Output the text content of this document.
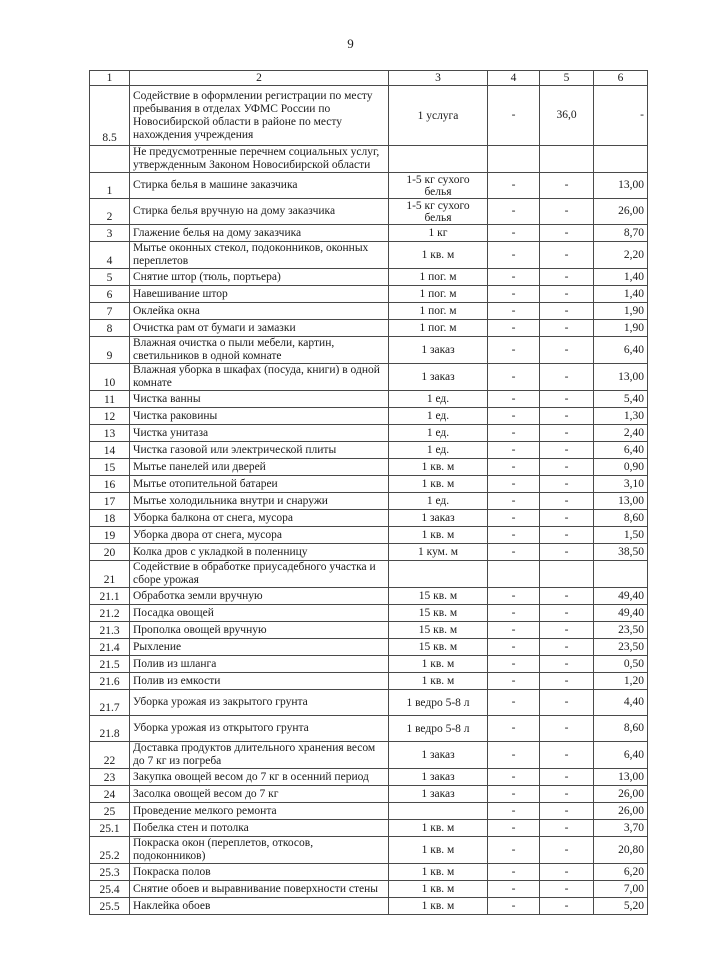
9
1	2	3	4	5	6
8.5	Содействие в оформлении регистрации по месту пребывания в отделах УФМС России по Новосибирской области в районе по месту нахождения учреждения	1 услуга	-	36,0	-
	Не предусмотренные перечнем социальных услуг, утвержденным Законом Новосибирской области				
1	Стирка белья в машине заказчика	1-5 кг сухого белья	-	-	13,00
2	Стирка белья вручную на дому заказчика	1-5 кг сухого белья	-	-	26,00
3	Глажение белья на дому заказчика	1 кг	-	-	8,70
4	Мытье оконных стекол, подоконников, оконных переплетов	1 кв. м	-	-	2,20
5	Снятие штор (тюль, портьера)	1 пог. м	-	-	1,40
6	Навешивание штор	1 пог. м	-	-	1,40
7	Оклейка окна	1 пог. м	-	-	1,90
8	Очистка рам от бумаги и замазки	1 пог. м	-	-	1,90
9	Влажная очистка о пыли мебели, картин, светильников в одной комнате	1 заказ	-	-	6,40
10	Влажная уборка в шкафах (посуда, книги) в одной комнате	1 заказ	-	-	13,00
11	Чистка ванны	1 ед.	-	-	5,40
12	Чистка раковины	1 ед.	-	-	1,30
13	Чистка унитаза	1 ед.	-	-	2,40
14	Чистка газовой или электрической плиты	1 ед.	-	-	6,40
15	Мытье панелей или дверей	1 кв. м	-	-	0,90
16	Мытье отопительной батареи	1 кв. м	-	-	3,10
17	Мытье холодильника внутри и снаружи	1 ед.	-	-	13,00
18	Уборка балкона от снега, мусора	1 заказ	-	-	8,60
19	Уборка двора от снега, мусора	1 кв. м	-	-	1,50
20	Колка дров с укладкой в поленницу	1 кум. м	-	-	38,50
21	Содействие в обработке приусадебного участка и сборе урожая				
21.1	Обработка земли вручную	15 кв. м	-	-	49,40
21.2	Посадка овощей	15 кв. м	-	-	49,40
21.3	Прополка овощей вручную	15 кв. м	-	-	23,50
21.4	Рыхление	15 кв. м	-	-	23,50
21.5	Полив из шланга	1 кв. м	-	-	0,50
21.6	Полив из емкости	1 кв. м	-	-	1,20
21.7	Уборка урожая из закрытого грунта	1 ведро 5-8 л	-	-	4,40
21.8	Уборка урожая из открытого грунта	1 ведро 5-8 л	-	-	8,60
22	Доставка продуктов длительного хранения весом до 7 кг из погреба	1 заказ	-	-	6,40
23	Закупка овощей весом до 7 кг в осенний период	1 заказ	-	-	13,00
24	Засолка овощей весом до 7 кг	1 заказ	-	-	26,00
25	Проведение мелкого ремонта		-	-	26,00
25.1	Побелка стен и потолка	1 кв. м	-	-	3,70
25.2	Покраска окон (переплетов, откосов, подоконников)	1 кв. м	-	-	20,80
25.3	Покраска полов	1 кв. м	-	-	6,20
25.4	Снятие обоев и выравнивание поверхности стены	1 кв. м	-	-	7,00
25.5	Наклейка обоев	1 кв. м	-	-	5,20
